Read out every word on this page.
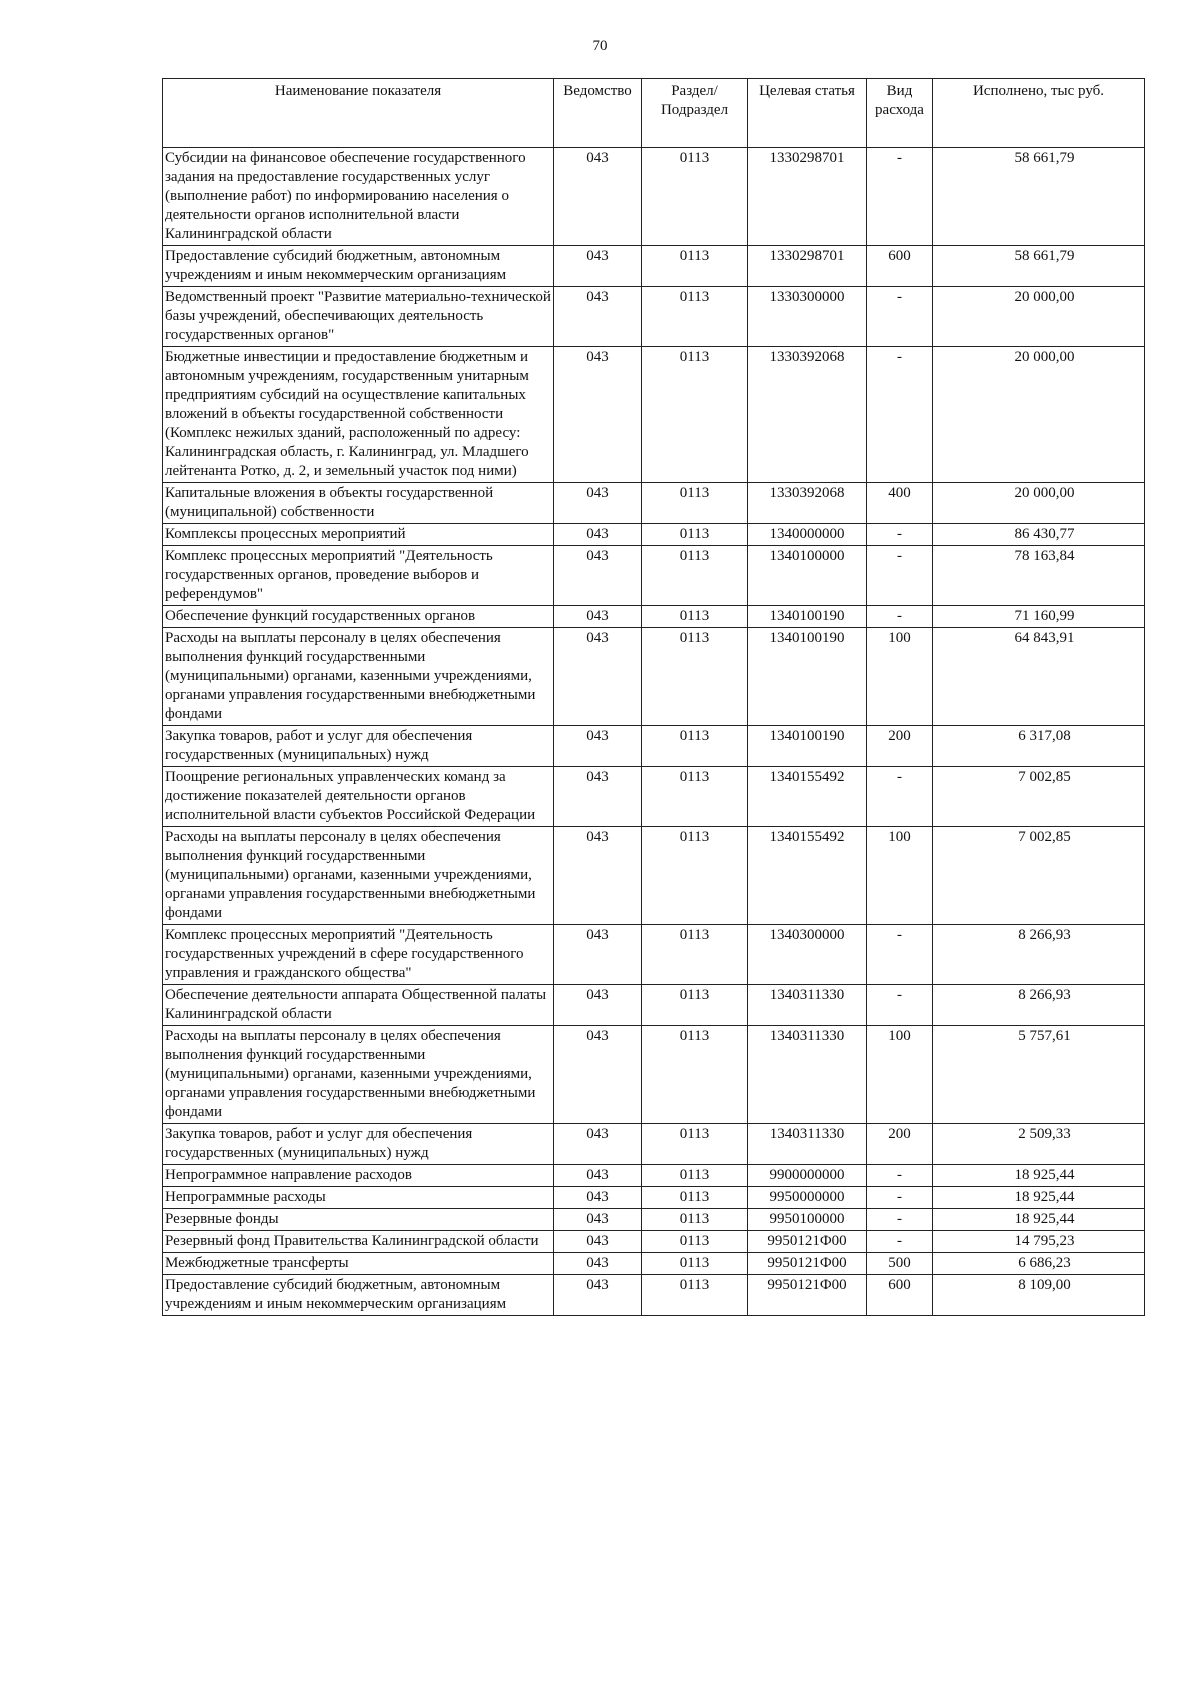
70
Наименование показателя	Ведомство	Раздел/ Подраздел	Целевая статья	Вид расхода	Исполнено, тыс руб.
Субсидии на финансовое обеспечение государственного задания на предоставление государственных услуг (выполнение работ) по информированию населения о деятельности органов исполнительной власти Калининградской области	043	0113	1330298701	-	58 661,79
Предоставление субсидий бюджетным, автономным учреждениям и иным некоммерческим организациям	043	0113	1330298701	600	58 661,79
Ведомственный проект "Развитие материально-технической базы учреждений, обеспечивающих деятельность государственных органов"	043	0113	1330300000	-	20 000,00
Бюджетные инвестиции и предоставление бюджетным и автономным учреждениям, государственным унитарным предприятиям субсидий на осуществление капитальных вложений в объекты государственной собственности (Комплекс нежилых зданий, расположенный по адресу: Калининградская область, г. Калининград, ул. Младшего лейтенанта Ротко, д. 2, и земельный участок под ними)	043	0113	1330392068	-	20 000,00
Капитальные вложения в объекты государственной (муниципальной) собственности	043	0113	1330392068	400	20 000,00
Комплексы процессных мероприятий	043	0113	1340000000	-	86 430,77
Комплекс процессных мероприятий "Деятельность государственных органов, проведение выборов и референдумов"	043	0113	1340100000	-	78 163,84
Обеспечение функций государственных органов	043	0113	1340100190	-	71 160,99
Расходы на выплаты персоналу в целях обеспечения выполнения функций государственными (муниципальными) органами, казенными учреждениями, органами управления государственными внебюджетными фондами	043	0113	1340100190	100	64 843,91
Закупка товаров, работ и услуг для обеспечения государственных (муниципальных) нужд	043	0113	1340100190	200	6 317,08
Поощрение региональных управленческих команд за достижение показателей деятельности органов исполнительной власти субъектов Российской Федерации	043	0113	1340155492	-	7 002,85
Расходы на выплаты персоналу в целях обеспечения выполнения функций государственными (муниципальными) органами, казенными учреждениями, органами управления государственными внебюджетными фондами	043	0113	1340155492	100	7 002,85
Комплекс процессных мероприятий "Деятельность государственных учреждений в сфере государственного управления и гражданского общества"	043	0113	1340300000	-	8 266,93
Обеспечение деятельности аппарата Общественной палаты Калининградской области	043	0113	1340311330	-	8 266,93
Расходы на выплаты персоналу в целях обеспечения выполнения функций государственными (муниципальными) органами, казенными учреждениями, органами управления государственными внебюджетными фондами	043	0113	1340311330	100	5 757,61
Закупка товаров, работ и услуг для обеспечения государственных (муниципальных) нужд	043	0113	1340311330	200	2 509,33
Непрограммное направление расходов	043	0113	9900000000	-	18 925,44
Непрограммные расходы	043	0113	9950000000	-	18 925,44
Резервные фонды	043	0113	9950100000	-	18 925,44
Резервный фонд Правительства Калининградской области	043	0113	9950121Ф00	-	14 795,23
Межбюджетные трансферты	043	0113	9950121Ф00	500	6 686,23
Предоставление субсидий бюджетным, автономным учреждениям и иным некоммерческим организациям	043	0113	9950121Ф00	600	8 109,00
